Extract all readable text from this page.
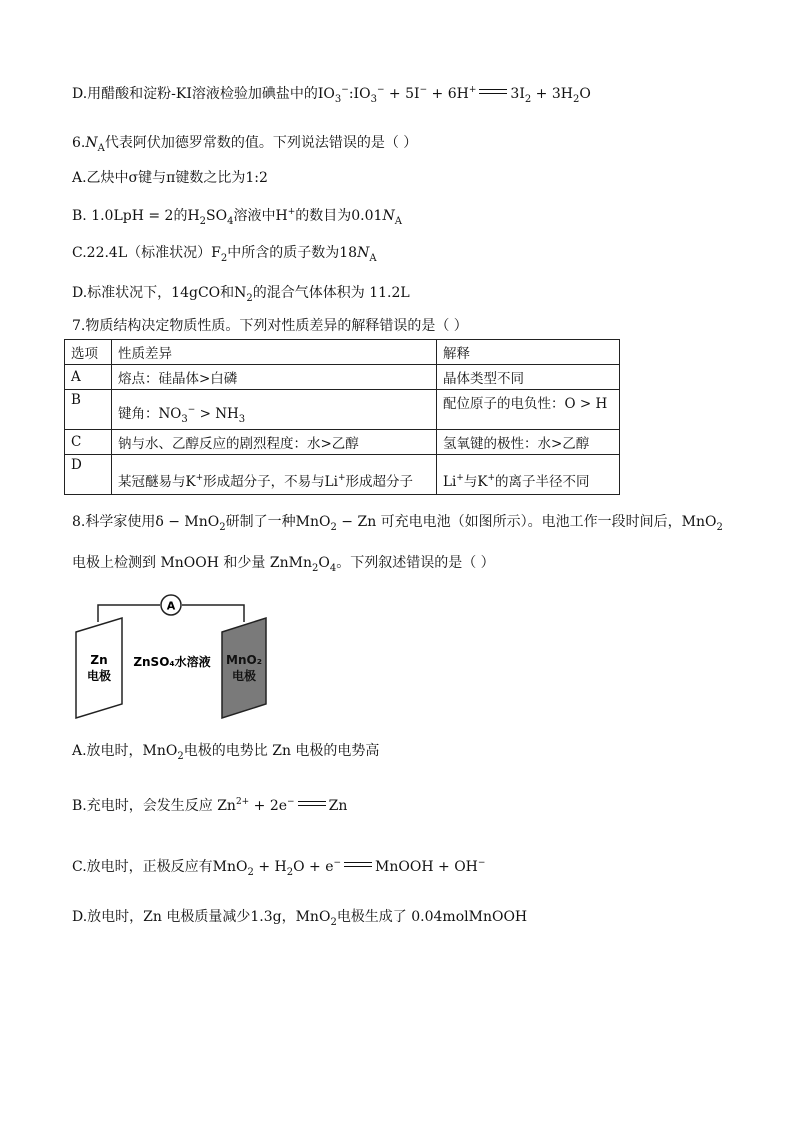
D.用醋酸和淀粉-KI溶液检验加碘盐中的$IO_3^-:IO_3^- + 5I^- + 6H^+$ $3I_2 + 3H_2O$
$6.N_A$代表阿伏加德罗常数的值。下列说法错误的是（ ）
A.乙炔中σ键与π键数之比为1:2
B. 1.0LpH = 2的$H_2SO_4$溶液中H+的数目为$0.01N_A$
C.22.4L（标准状况）$F_2$中所含的质子数为$18N_A$
D.标准状况下，14gCO和$N_2$的混合气体体积为 11.2L
7.物质结构决定物质性质。下列对性质差异的解释错误的是（ ）
选项	性质差异	解释
A	熔点：硅晶体>白磷	晶体类型不同
B	键角：$NO_3^- > NH_3$	配位原子的电负性：O > H
C	钠与水、乙醇反应的剧烈程度：水>乙醇	氢氧键的极性：水>乙醇
D	某冠醚易与K+形成超分子，不易与Li+形成超分子	Li+与K+的离子半径不同
8.科学家使用δ − MnO$_2$研制了一种MnO$_2$ − Zn 可充电电池（如图所示）。电池工作一段时间后，MnO$_2$
电极上检测到 MnOOH 和少量 $ZnMn_2O_4$。下列叙述错误的是（ ）
A
Zn
电极
ZnSO₄水溶液 MnO₂
电极
A.放电时，MnO$_2$电极的电势比 Zn 电极的电势高
B.充电时，会发生反应 $Zn^{2+} + 2e^-$ Zn
C.放电时，正极反应有$MnO_2 + H_2O + e^-$ MnOOH + OH−
D.放电时，Zn 电极质量减少1.3g，MnO$_2$电极生成了 0.04molMnOOH
